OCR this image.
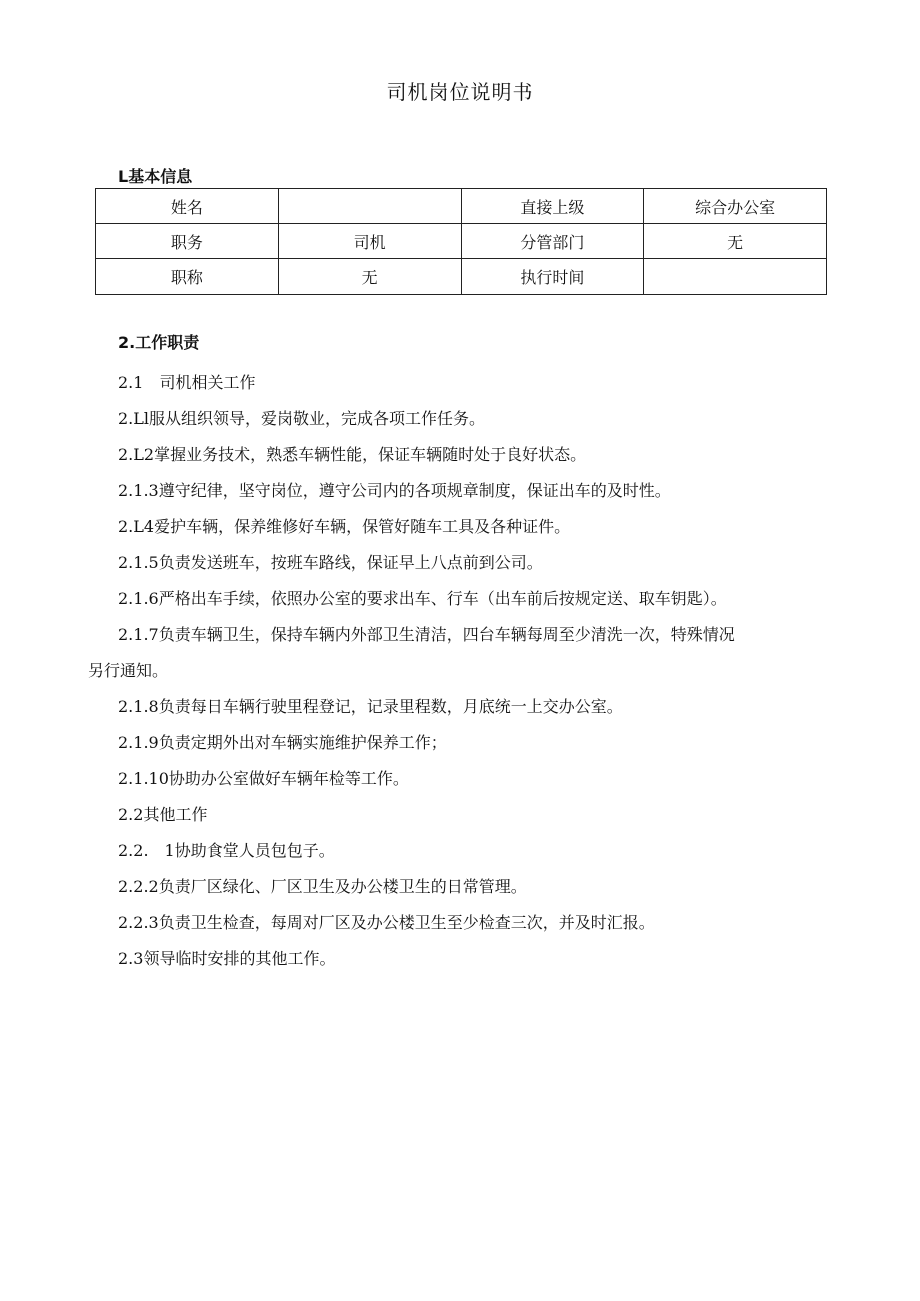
司机岗位说明书
L基本信息
姓名		直接上级	综合办公室
职务	司机	分管部门	无
职称	无	执行时间	
2.工作职责
2.1　司机相关工作
2.Ll服从组织领导，爱岗敬业，完成各项工作任务。
2.L2掌握业务技术，熟悉车辆性能，保证车辆随时处于良好状态。
2.1.3遵守纪律，坚守岗位，遵守公司内的各项规章制度，保证出车的及时性。
2.L4爱护车辆，保养维修好车辆，保管好随车工具及各种证件。
2.1.5负责发送班车，按班车路线，保证早上八点前到公司。
2.1.6严格出车手续，依照办公室的要求出车、行车（出车前后按规定送、取车钥匙）。
2.1.7负责车辆卫生，保持车辆内外部卫生清洁，四台车辆每周至少清洗一次，特殊情况
另行通知。
2.1.8负责每日车辆行驶里程登记，记录里程数，月底统一上交办公室。
2.1.9负责定期外出对车辆实施维护保养工作；
2.1.10协助办公室做好车辆年检等工作。
2.2其他工作
2.2.　1协助食堂人员包包子。
2.2.2负责厂区绿化、厂区卫生及办公楼卫生的日常管理。
2.2.3负责卫生检查，每周对厂区及办公楼卫生至少检查三次，并及时汇报。
2.3领导临时安排的其他工作。
